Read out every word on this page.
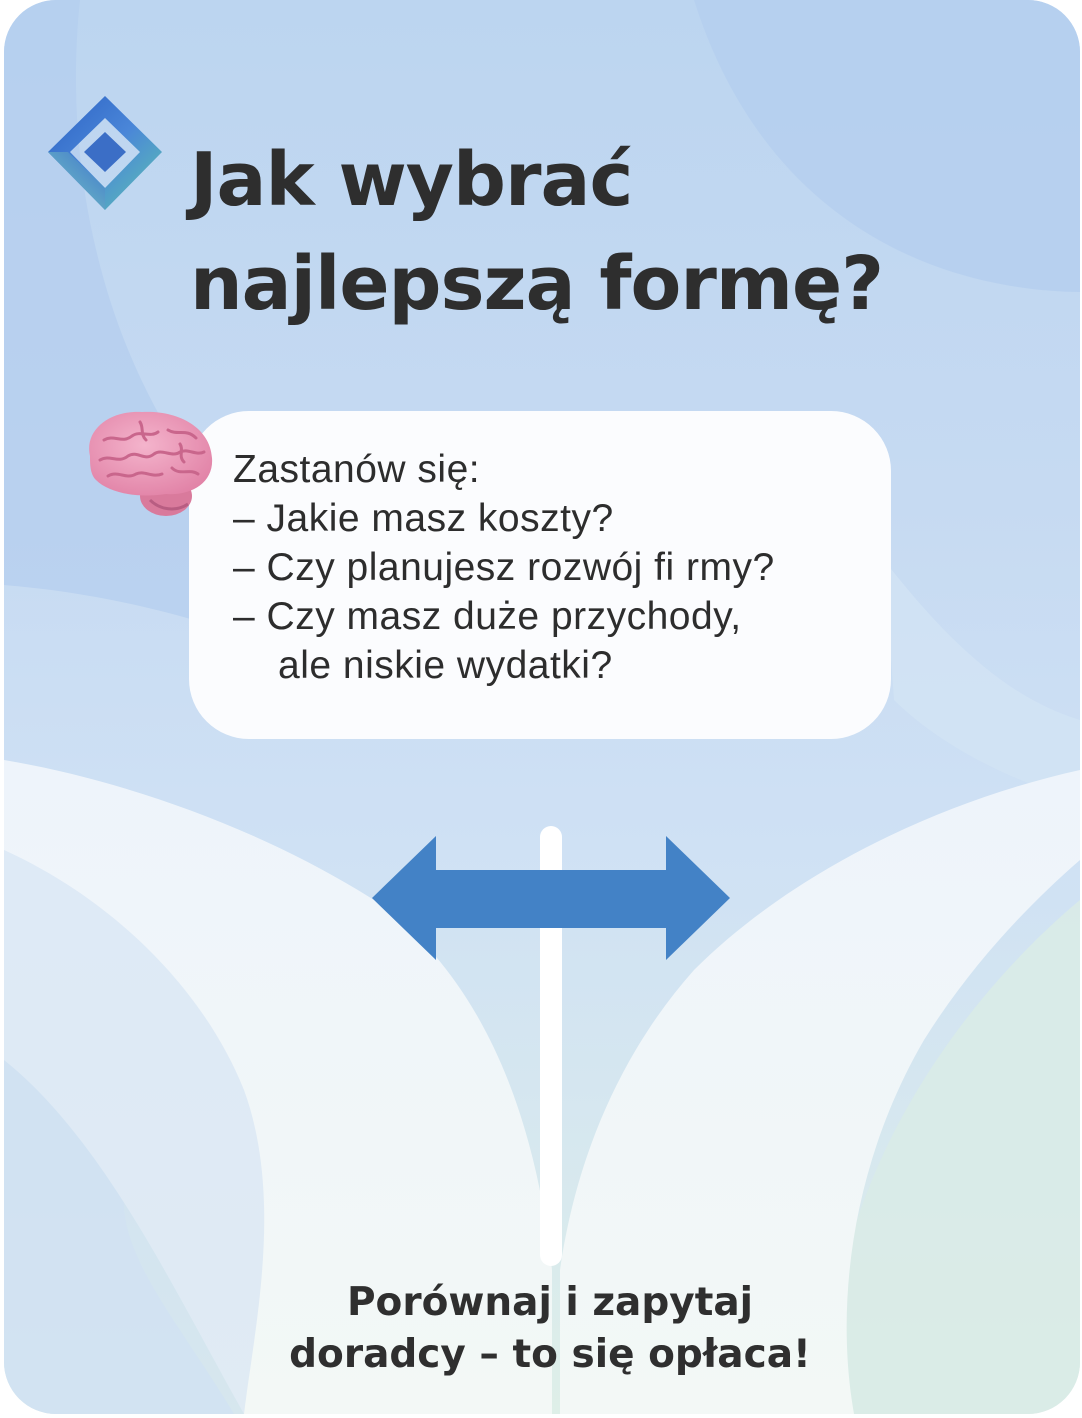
Jak wybrać
najlepszą formę?
Zastanów się:
– Jakie masz koszty?
– Czy planujesz rozwój fi rmy?
– Czy masz duże przychody,
ale niskie wydatki?
Porównaj i zapytaj
doradcy – to się opłaca!
